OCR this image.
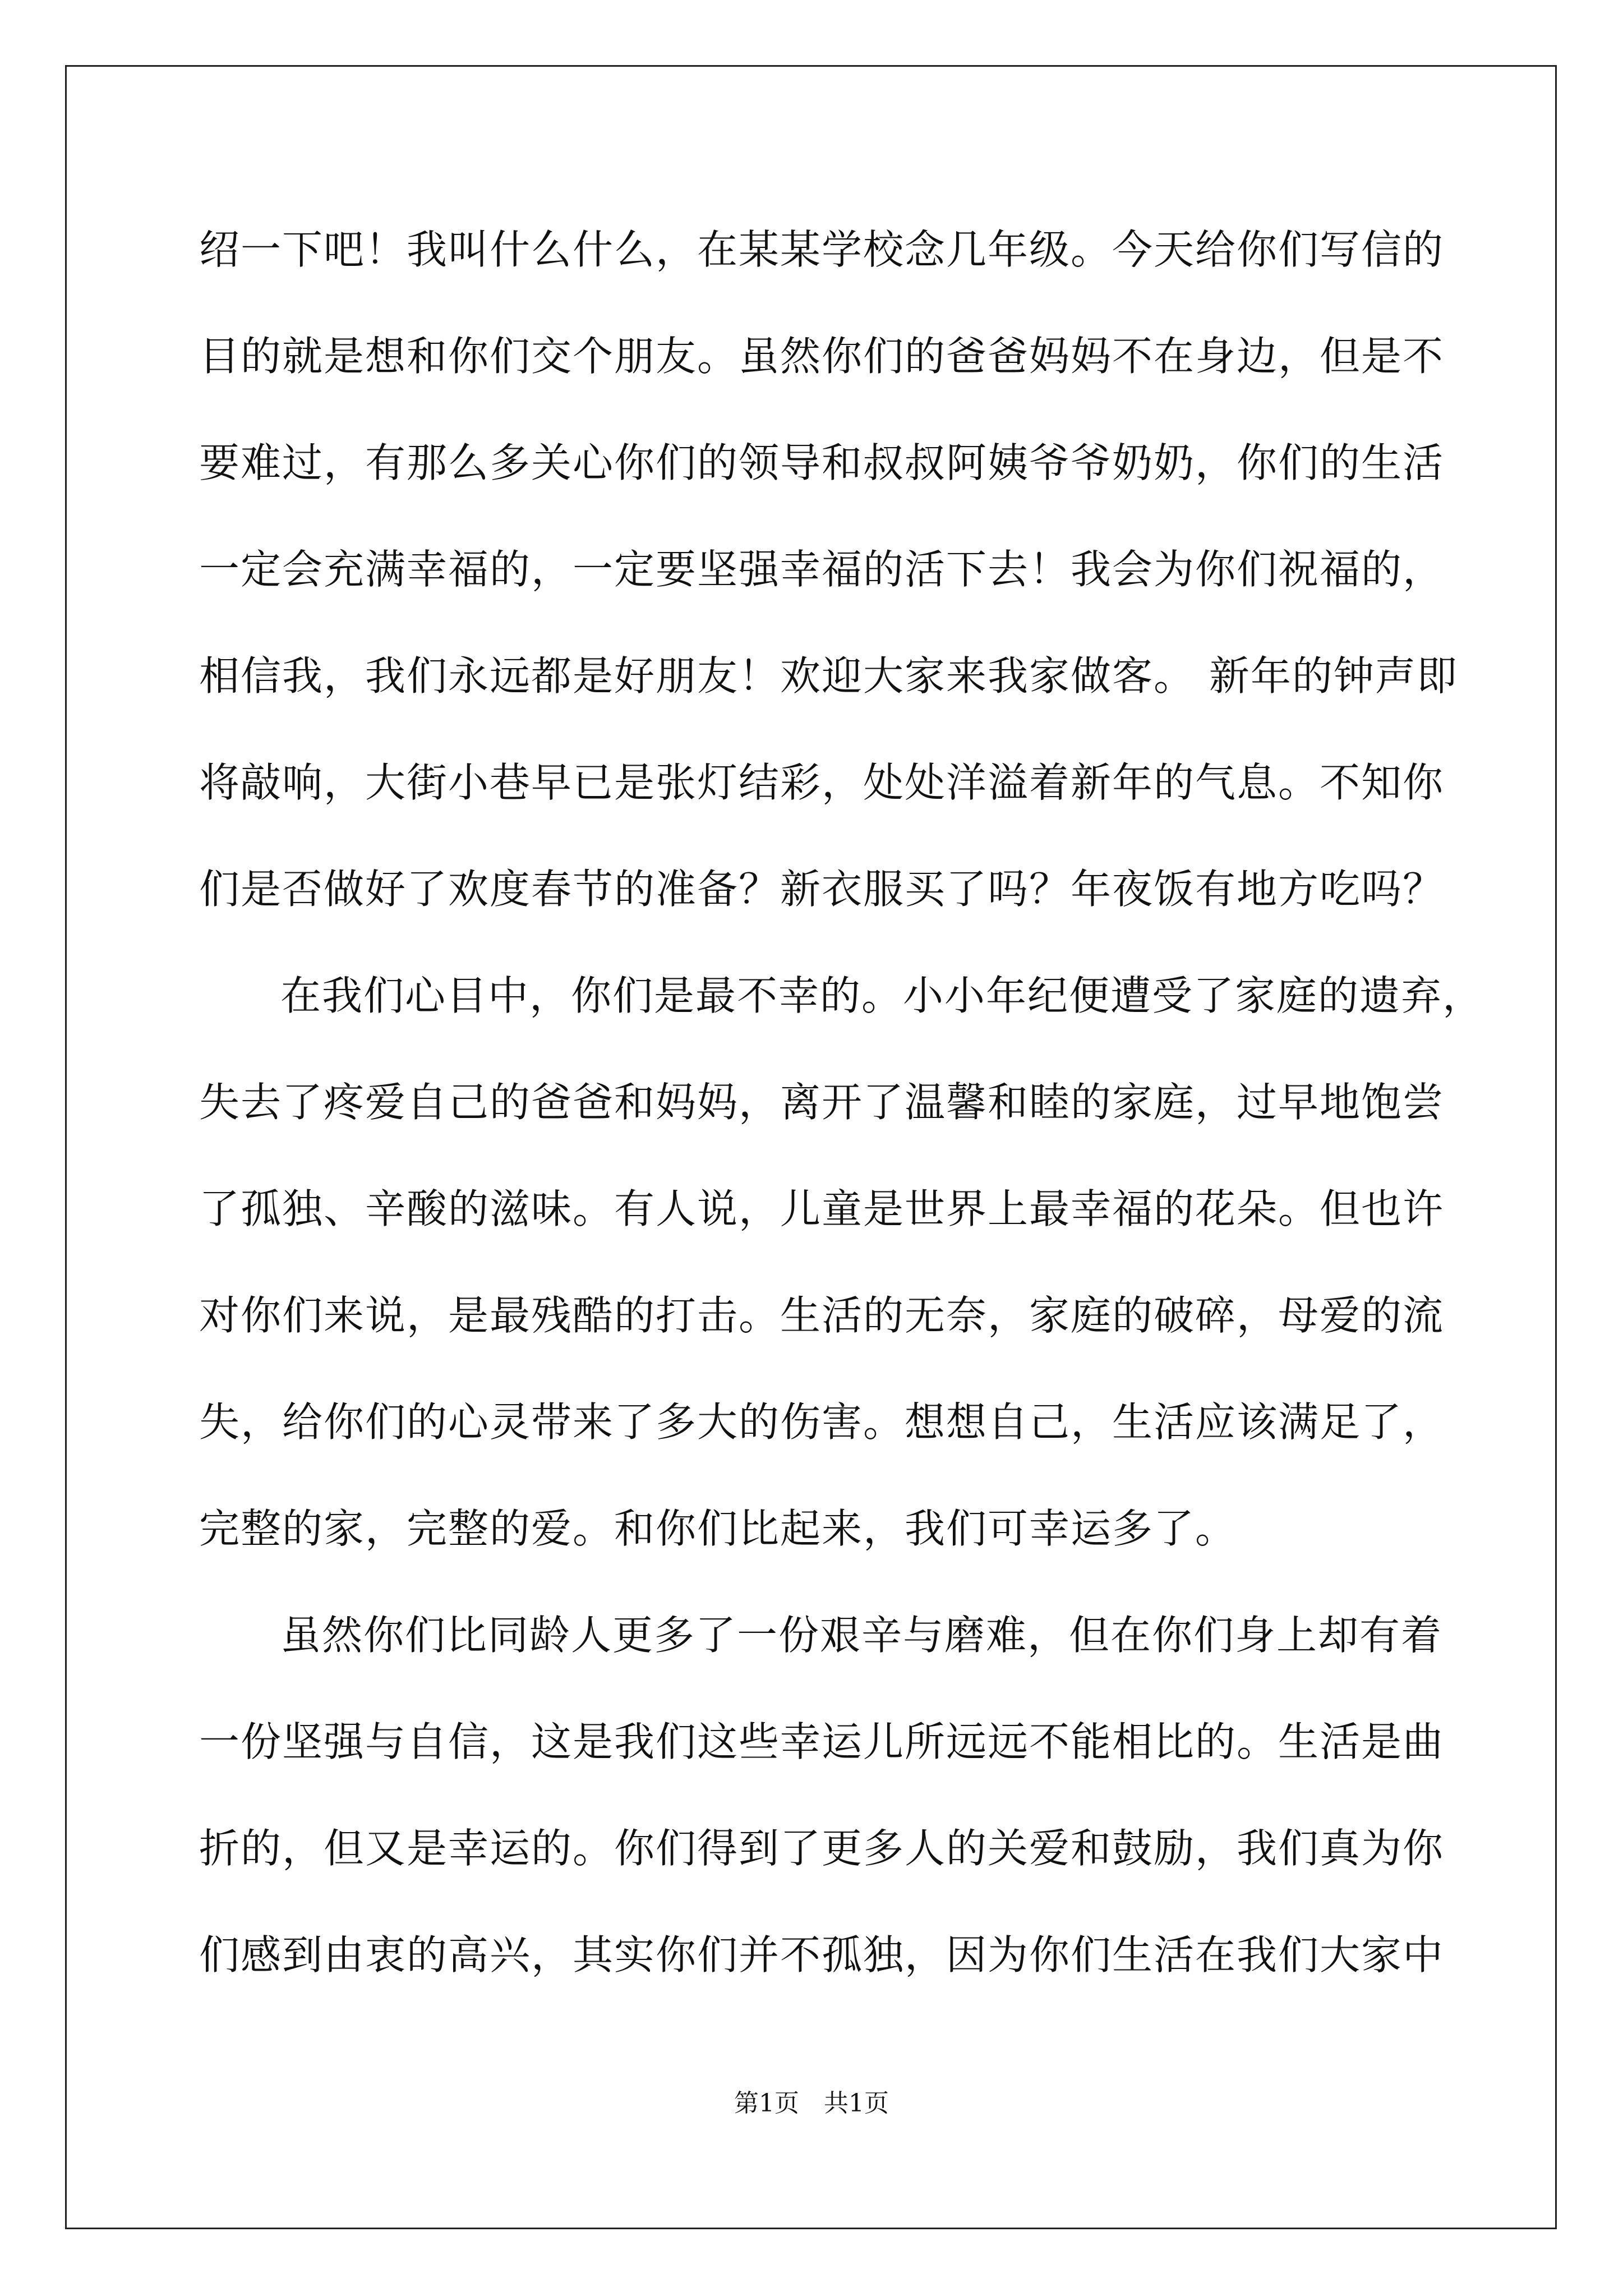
绍一下吧！我叫什么什么，在某某学校念几年级。今天给你们写信的
目的就是想和你们交个朋友。虽然你们的爸爸妈妈不在身边，但是不
要难过，有那么多关心你们的领导和叔叔阿姨爷爷奶奶，你们的生活
一定会充满幸福的，一定要坚强幸福的活下去！我会为你们祝福的，
相信我，我们永远都是好朋友！欢迎大家来我家做客。 新年的钟声即
将敲响，大街小巷早已是张灯结彩，处处洋溢着新年的气息。不知你
们是否做好了欢度春节的准备？新衣服买了吗？年夜饭有地方吃吗？
在我们心目中，你们是最不幸的。小小年纪便遭受了家庭的遗弃，
失去了疼爱自己的爸爸和妈妈，离开了温馨和睦的家庭，过早地饱尝
了孤独、辛酸的滋味。有人说，儿童是世界上最幸福的花朵。但也许
对你们来说，是最残酷的打击。生活的无奈，家庭的破碎，母爱的流
失，给你们的心灵带来了多大的伤害。想想自己，生活应该满足了，
完整的家，完整的爱。和你们比起来，我们可幸运多了。
虽然你们比同龄人更多了一份艰辛与磨难，但在你们身上却有着
一份坚强与自信，这是我们这些幸运儿所远远不能相比的。生活是曲
折的，但又是幸运的。你们得到了更多人的关爱和鼓励，我们真为你
们感到由衷的高兴，其实你们并不孤独，因为你们生活在我们大家中
第1页　共1页
